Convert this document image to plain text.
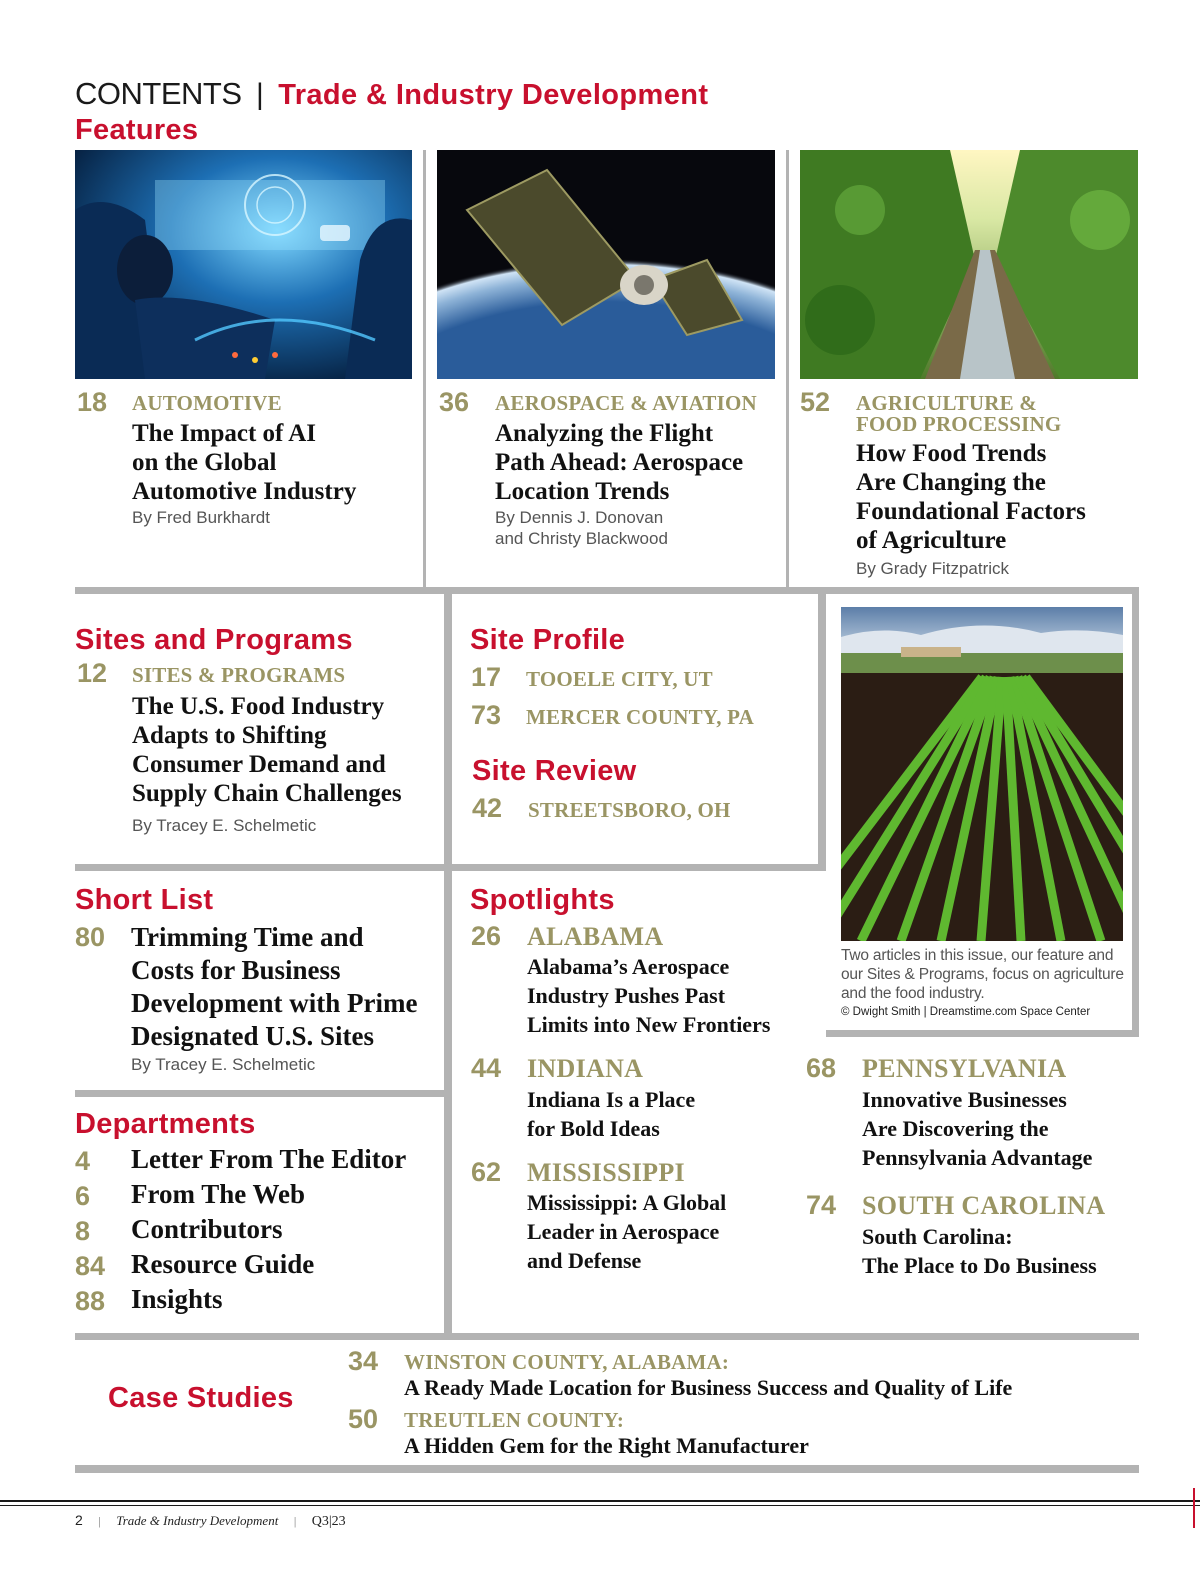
CONTENTS | Trade & Industry Development
Features
18 AUTOMOTIVE
The Impact of AI
on the Global
Automotive Industry
By Fred Burkhardt
36 AEROSPACE & AVIATION
Analyzing the Flight
Path Ahead: Aerospace
Location Trends
By Dennis J. Donovan
and Christy Blackwood
52 AGRICULTURE &
FOOD PROCESSING
How Food Trends
Are Changing the
Foundational Factors
of Agriculture
By Grady Fitzpatrick
Sites and Programs
12 SITES & PROGRAMS
The U.S. Food Industry
Adapts to Shifting
Consumer Demand and
Supply Chain Challenges
By Tracey E. Schelmetic
Site Profile
17 TOOELE CITY, UT
73 MERCER COUNTY, PA
Site Review
42 STREETSBORO, OH
Two articles in this issue, our feature and
our Sites & Programs, focus on agriculture
and the food industry.
© Dwight Smith | Dreamstime.com Space Center
Short List
80 Trimming Time and
Costs for Business
Development with Prime
Designated U.S. Sites
By Tracey E. Schelmetic
Spotlights
26 ALABAMA
Alabama’s Aerospace
Industry Pushes Past
Limits into New Frontiers
44 INDIANA
Indiana Is a Place
for Bold Ideas
62 MISSISSIPPI
Mississippi: A Global
Leader in Aerospace
and Defense
68 PENNSYLVANIA
Innovative Businesses
Are Discovering the
Pennsylvania Advantage
74 SOUTH CAROLINA
South Carolina:
The Place to Do Business
Departments
4 Letter From The Editor
6 From The Web
8 Contributors
84 Resource Guide
88 Insights
Case Studies
34 WINSTON COUNTY, ALABAMA:
A Ready Made Location for Business Success and Quality of Life
50 TREUTLEN COUNTY:
A Hidden Gem for the Right Manufacturer
2 | Trade & Industry Development | Q3|23
